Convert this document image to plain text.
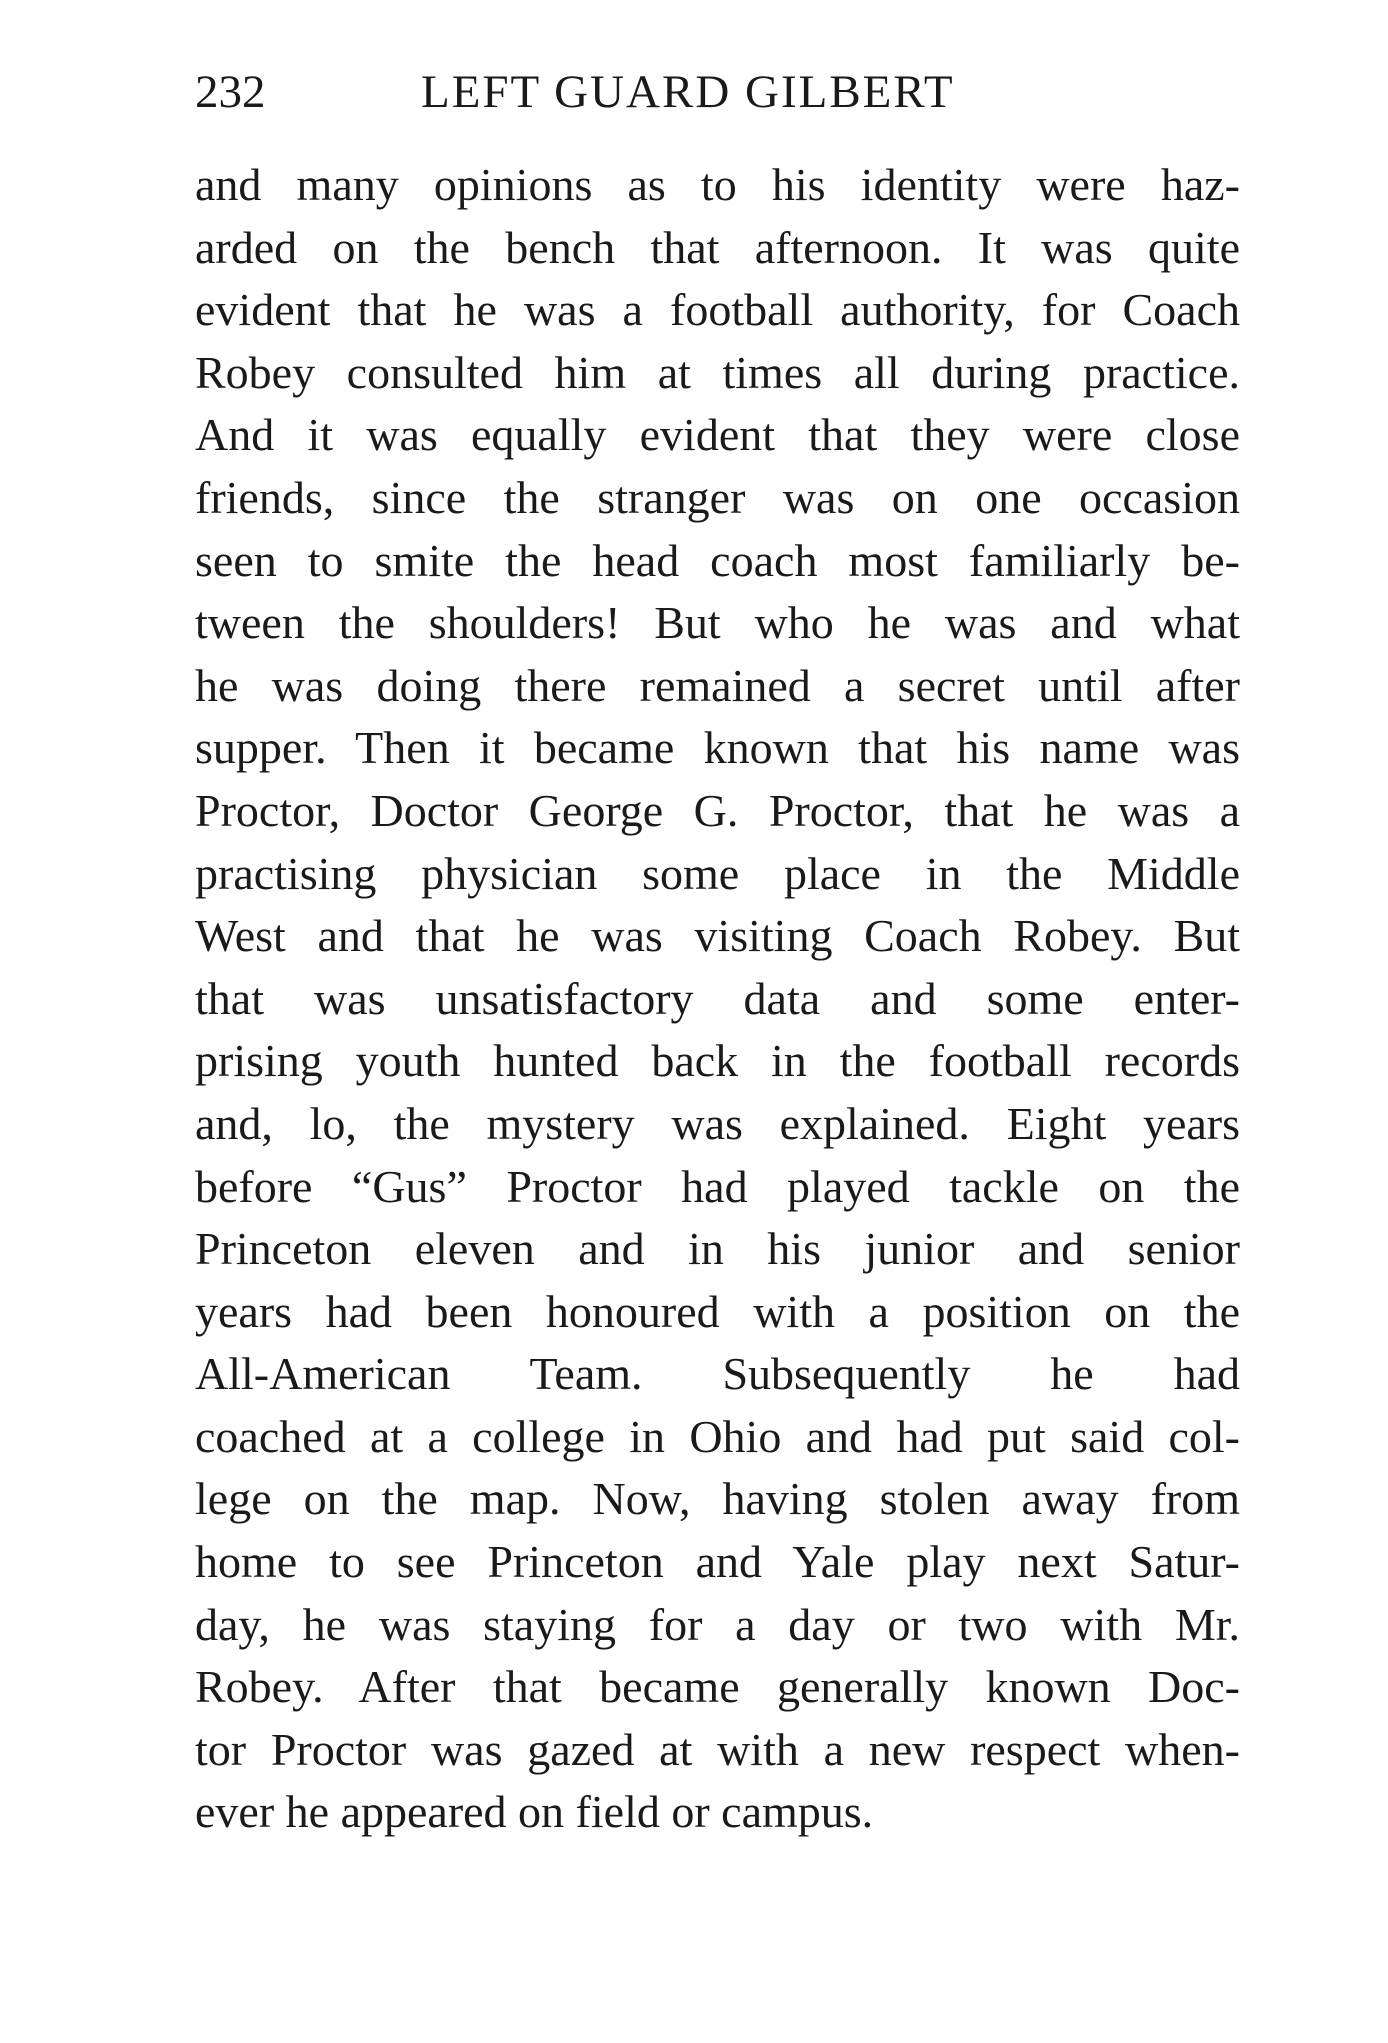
232	LEFT GUARD GILBERT
and many opinions as to his identity were haz-
arded on the bench that afternoon. It was quite
evident that he was a football authority, for Coach
Robey consulted him at times all during practice.
And it was equally evident that they were close
friends, since the stranger was on one occasion
seen to smite the head coach most familiarly be-
tween the shoulders! But who he was and what
he was doing there remained a secret until after
supper. Then it became known that his name was
Proctor, Doctor George G. Proctor, that he was a
practising physician some place in the Middle
West and that he was visiting Coach Robey. But
that was unsatisfactory data and some enter-
prising youth hunted back in the football records
and, lo, the mystery was explained. Eight years
before “Gus” Proctor had played tackle on the
Princeton eleven and in his junior and senior
years had been honoured with a position on the
All-American Team. Subsequently he had
coached at a college in Ohio and had put said col-
lege on the map. Now, having stolen away from
home to see Princeton and Yale play next Satur-
day, he was staying for a day or two with Mr.
Robey. After that became generally known Doc-
tor Proctor was gazed at with a new respect when-
ever he appeared on field or campus.
